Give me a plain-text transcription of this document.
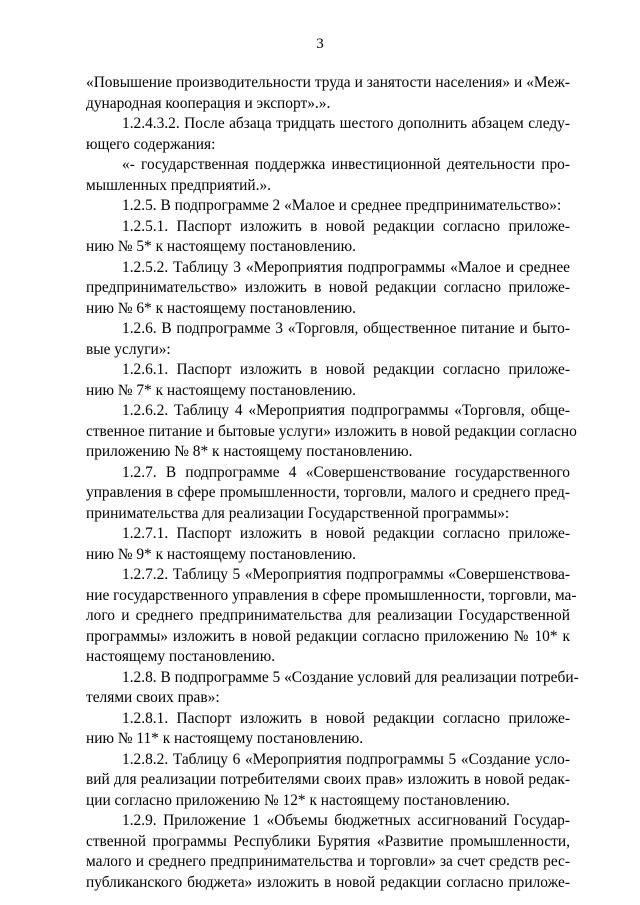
3
«Повышение производительности труда и занятости населения» и «Меж-
дународная кооперация и экспорт».».
1.2.4.3.2. После абзаца тридцать шестого дополнить абзацем следу-
ющего содержания:
«- государственная поддержка инвестиционной деятельности про-
мышленных предприятий.».
1.2.5. В подпрограмме 2 «Малое и среднее предпринимательство»:
1.2.5.1. Паспорт изложить в новой редакции согласно приложе-
нию № 5* к настоящему постановлению.
1.2.5.2. Таблицу 3 «Мероприятия подпрограммы «Малое и среднее
предпринимательство» изложить в новой редакции согласно приложе-
нию № 6* к настоящему постановлению.
1.2.6. В подпрограмме 3 «Торговля, общественное питание и быто-
вые услуги»:
1.2.6.1. Паспорт изложить в новой редакции согласно приложе-
нию № 7* к настоящему постановлению.
1.2.6.2. Таблицу 4 «Мероприятия подпрограммы «Торговля, обще-
ственное питание и бытовые услуги» изложить в новой редакции согласно
приложению № 8* к настоящему постановлению.
1.2.7. В подпрограмме 4 «Совершенствование государственного
управления в сфере промышленности, торговли, малого и среднего пред-
принимательства для реализации Государственной программы»:
1.2.7.1. Паспорт изложить в новой редакции согласно приложе-
нию № 9* к настоящему постановлению.
1.2.7.2. Таблицу 5 «Мероприятия подпрограммы «Совершенствова-
ние государственного управления в сфере промышленности, торговли, ма-
лого и среднего предпринимательства для реализации Государственной
программы» изложить в новой редакции согласно приложению № 10* к
настоящему постановлению.
1.2.8. В подпрограмме 5 «Создание условий для реализации потреби-
телями своих прав»:
1.2.8.1. Паспорт изложить в новой редакции согласно приложе-
нию № 11* к настоящему постановлению.
1.2.8.2. Таблицу 6 «Мероприятия подпрограммы 5 «Создание усло-
вий для реализации потребителями своих прав» изложить в новой редак-
ции согласно приложению № 12* к настоящему постановлению.
1.2.9. Приложение 1 «Объемы бюджетных ассигнований Государ-
ственной программы Республики Бурятия «Развитие промышленности,
малого и среднего предпринимательства и торговли» за счет средств рес-
публиканского бюджета» изложить в новой редакции согласно приложе-
